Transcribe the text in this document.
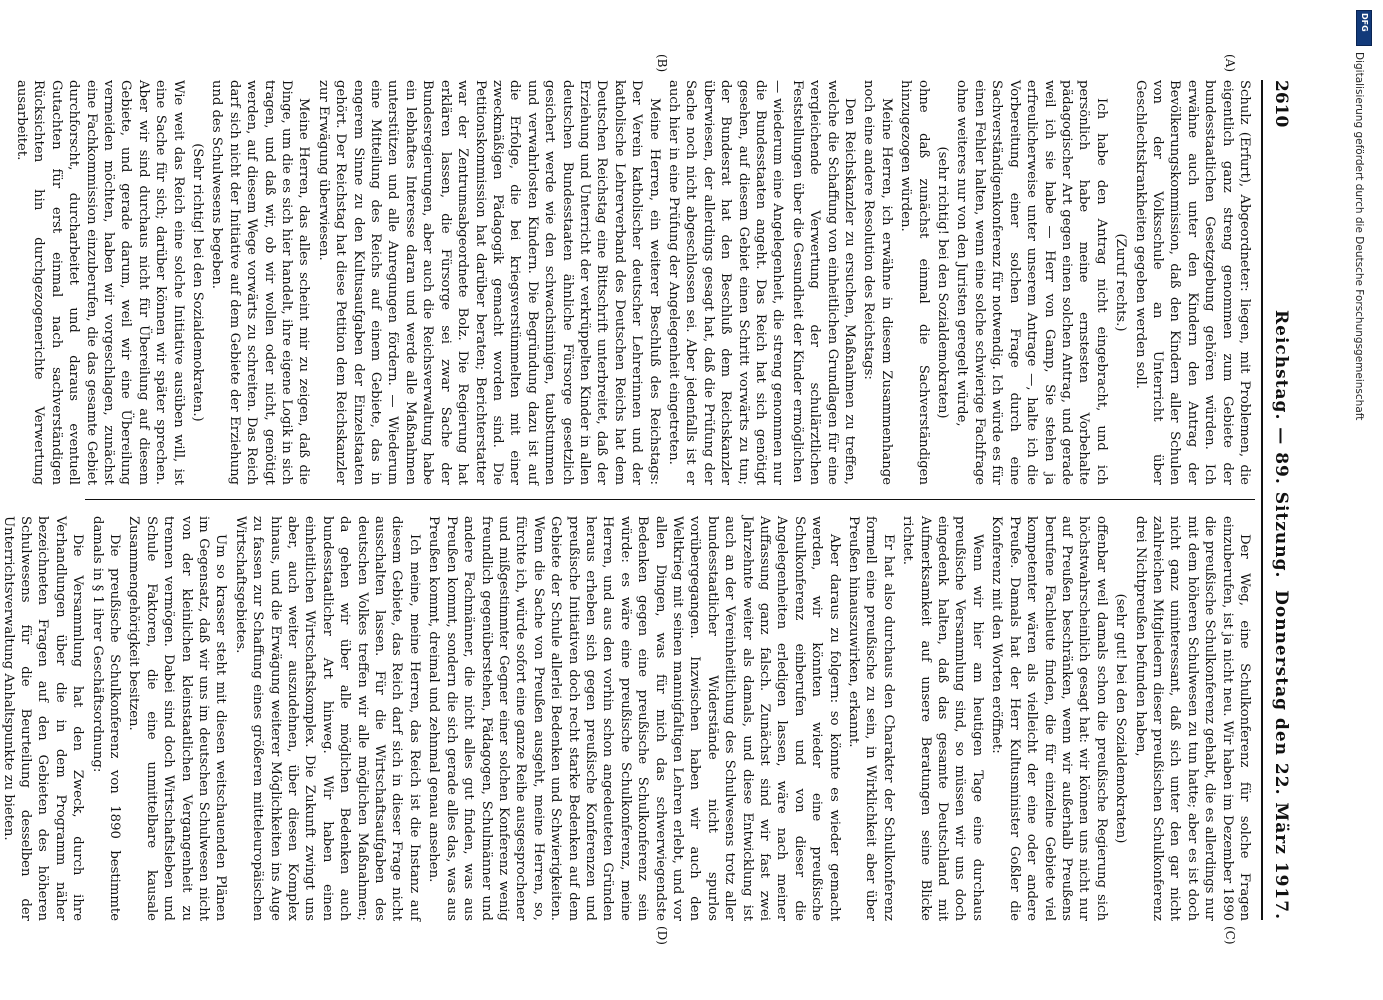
2610
Reichstag. — 89. Sitzung.
Donnerstag den 22. März 1917.
(A)
(B)
(C)
(D)

Schulz (Erfurt), Abgeordneter: liegen, mit Problemen, die eigentlich ganz streng genommen zum Gebiete der bundesstaatlichen Gesetzgebung gehören würden. Ich erwähne auch unter den Kindern den Antrag der Bevölkerungskommission, daß den Kindern aller Schulen von der Volksschule an Unterricht über Geschlechtskrankheiten gegeben werden soll.

(Zuruf rechts.)

Ich habe den Antrag nicht eingebracht, und ich persönlich habe meine ernstesten Vorbehalte pädagogischer Art gegen einen solchen Antrag, und gerade weil ich sie habe — Herr von Gamp, Sie stehen ja erfreulicherweise unter unserem Antrage —, halte ich die Vorbereitung einer solchen Frage durch eine Sachverständigenkonferenz für notwendig. Ich würde es für einen Fehler halten, wenn eine solche schwierige Fachfrage ohne weiteres nur von den Juristen geregelt würde,

(sehr richtig! bei den Sozialdemokraten)

ohne daß zunächst einmal die Sachverständigen hinzugezogen würden.

Meine Herren, ich erwähne in diesem Zusammenhange noch eine andere Resolution des Reichstags:

Den Reichskanzler zu ersuchen, Maßnahmen zu treffen, welche die Schaffung von einheitlichen Grundlagen für eine vergleichende Verwertung der schulärztlichen Feststellungen über die Gesundheit der Kinder ermöglichen

— wiederum eine Angelegenheit, die streng genommen nur die Bundesstaaten angeht. Das Reich hat sich genötigt gesehen, auf diesem Gebiet einen Schritt vorwärts zu tun; der Bundesrat hat den Beschluß dem Reichskanzler überwiesen, der allerdings gesagt hat, daß die Prüfung der Sache noch nicht abgeschlossen sei. Aber jedenfalls ist er auch hier in eine Prüfung der Angelegenheit eingetreten.

Meine Herren, ein weiterer Beschluß des Reichstags: Der Verein katholischer deutscher Lehrerinnen und der katholische Lehrerverband des Deutschen Reichs hat dem Deutschen Reichstag eine Bittschrift unterbreitet, daß der Erziehung und Unterricht der verkrüppelten Kinder in allen deutschen Bundesstaaten ähnliche Fürsorge gesetzlich gesichert werde wie den schwachsinnigen, taubstummen und verwahrlosten Kindern. Die Begründung dazu ist auf die Erfolge, die bei kriegsverstümmelten mit einer zweckmäßigen Pädagogik gemacht worden sind. Die Petitionskommission hat darüber beraten; Berichterstatter war der Zentrumsabgeordnete Bolz. Die Regierung hat erklären lassen, die Fürsorge sei zwar Sache der Bundesregierungen, aber auch die Reichsverwaltung habe ein lebhaftes Interesse daran und werde alle Maßnahmen unterstützen und alle Anregungen fördern. — Wiederum eine Mitteilung des Reichs auf einem Gebiete, das in engerem Sinne zu den Kultusaufgaben der Einzelstaaten gehört. Der Reichstag hat diese Petition dem Reichskanzler zur Erwägung überwiesen.

Meine Herren, das alles scheint mir zu zeigen, daß die Dinge, um die es sich hier handelt, ihre eigene Logik in sich tragen, und daß wir, ob wir wollen oder nicht, genötigt werden, auf diesem Wege vorwärts zu schreiten. Das Reich darf sich nicht der Initiative auf dem Gebiete der Erziehung und des Schulwesens begeben.

(Sehr richtig! bei den Sozialdemokraten.)

Wie weit das Reich eine solche Initiative ausüben will, ist eine Sache für sich; darüber können wir später sprechen. Aber wir sind durchaus nicht für Übereilung auf diesem Gebiete, und gerade darum, weil wir eine Übereilung vermeiden möchten, haben wir vorgeschlagen, zunächst eine Fachkommission einzuberufen, die das gesamte Gebiet durchforscht, durcharbeitet und daraus eventuell Gutachten für erst einmal nach sachverständigen Rücksichten hin durchgezogenerichte Verwertung ausarbeitet.

Der Weg, eine Schulkonferenz für solche Fragen einzuberufen, ist ja nicht neu. Wir haben im Dezember 1890 die preußische Schulkonferenz gehabt, die es allerdings nur mit dem höheren Schulwesen zu tun hatte; aber es ist doch nicht ganz uninteressant, daß sich unter den gar nicht zahlreichen Mitgliedern dieser preußischen Schulkonferenz drei Nichtpreußen befunden haben,

(sehr gut! bei den Sozialdemokraten)

offenbar weil damals schon die preußische Regierung sich höchstwahrscheinlich gesagt hat: wir können uns nicht nur auf Preußen beschränken, wenn wir außerhalb Preußens berufene Fachleute finden, die für einzelne Gebiete viel kompetenter wären als vielleicht der eine oder andere Preuße. Damals hat der Herr Kultusminister Goßler die Konferenz mit den Worten eröffnet:

Wenn wir hier am heutigen Tage eine durchaus preußische Versammlung sind, so müssen wir uns doch eingedenk halten, daß das gesamte Deutschland mit Aufmerksamkeit auf unsere Beratungen seine Blicke richtet.

Er hat also durchaus den Charakter der Schulkonferenz formell eine preußische zu sein, in Wirklichkeit aber über Preußen hinauszuwirken, erkannt.

Aber daraus zu folgern: so könnte es wieder gemacht werden, wir könnten wieder eine preußische Schulkonferenz einberufen und von dieser die Angelegenheiten erledigen lassen, wäre nach meiner Auffassung ganz falsch. Zunächst sind wir fast zwei Jahrzehnte weiter als damals, und diese Entwicklung ist auch an der Vereinheitlichung des Schulwesens trotz aller bundesstaatlicher Widerstände nicht spurlos vorübergegangen. Inzwischen haben wir auch den Weltkrieg mit seinen mannigfaltigen Lehren erlebt, und vor allen Dingen, was für mich das schwerwiegendste Bedenken gegen eine preußische Schulkonferenz sein würde: es wäre eine preußische Schulkonferenz, meine Herren, und aus den vorhin schon angedeuteten Gründen heraus erheben sich gegen preußische Konferenzen und preußische Initiativen doch recht starke Bedenken auf dem Gebiete der Schule allerlei Bedenken und Schwierigkeiten. Wenn die Sache von Preußen ausgeht, meine Herren, so, fürchte ich, würde sofort eine ganze Reihe ausgesprochener und mißgestimmter Gegner einer solchen Konferenz wenig freundlich gegenüberstehen, Pädagogen, Schulmänner und andere Fachmänner, die nicht alles gut finden, was aus Preußen kommt, sondern die sich gerade alles das, was aus Preußen kommt, dreimal und zehnmal genau ansehen.

Ich meine, meine Herren, das Reich ist die Instanz auf diesem Gebiete, das Reich darf sich in dieser Frage nicht ausschalten lassen. Für die Wirtschaftsaufgaben des deutschen Volkes treffen wir alle möglichen Maßnahmen; da gehen wir über alle möglichen Bedenken auch bundesstaatlicher Art hinweg. Wir haben einen einheitlichen Wirtschaftskomplex. Die Zukunft zwingt uns aber, auch weiter auszudehnen, über diesen Komplex hinaus, und die Erwägung weiterer Möglichkeiten ins Auge zu fassen zur Schaffung eines größeren mitteleuropäischen Wirtschaftsgebietes.

Um so krasser steht mit diesen weitschauenden Plänen im Gegensatz, daß wir uns im deutschen Schulwesen nicht von der kleinlichen kleinstaatlichen Vergangenheit zu trennen vermögen. Dabei sind doch Wirtschaftsleben und Schule Faktoren, die eine unmittelbare kausale Zusammengehörigkeit besitzen.

Die preußische Schulkonferenz von 1890 bestimmte damals in § 1 ihrer Geschäftsordnung:

Die Versammlung hat den Zweck, durch ihre Verhandlungen über die in dem Programm näher bezeichneten Fragen auf den Gebieten des höheren Schulwesens für die Beurteilung desselben der Unterrichtsverwaltung Anhaltspunkte zu bieten.

DFG
Digitalisierung gefördert durch die Deutsche Forschungsgemeinschaft
